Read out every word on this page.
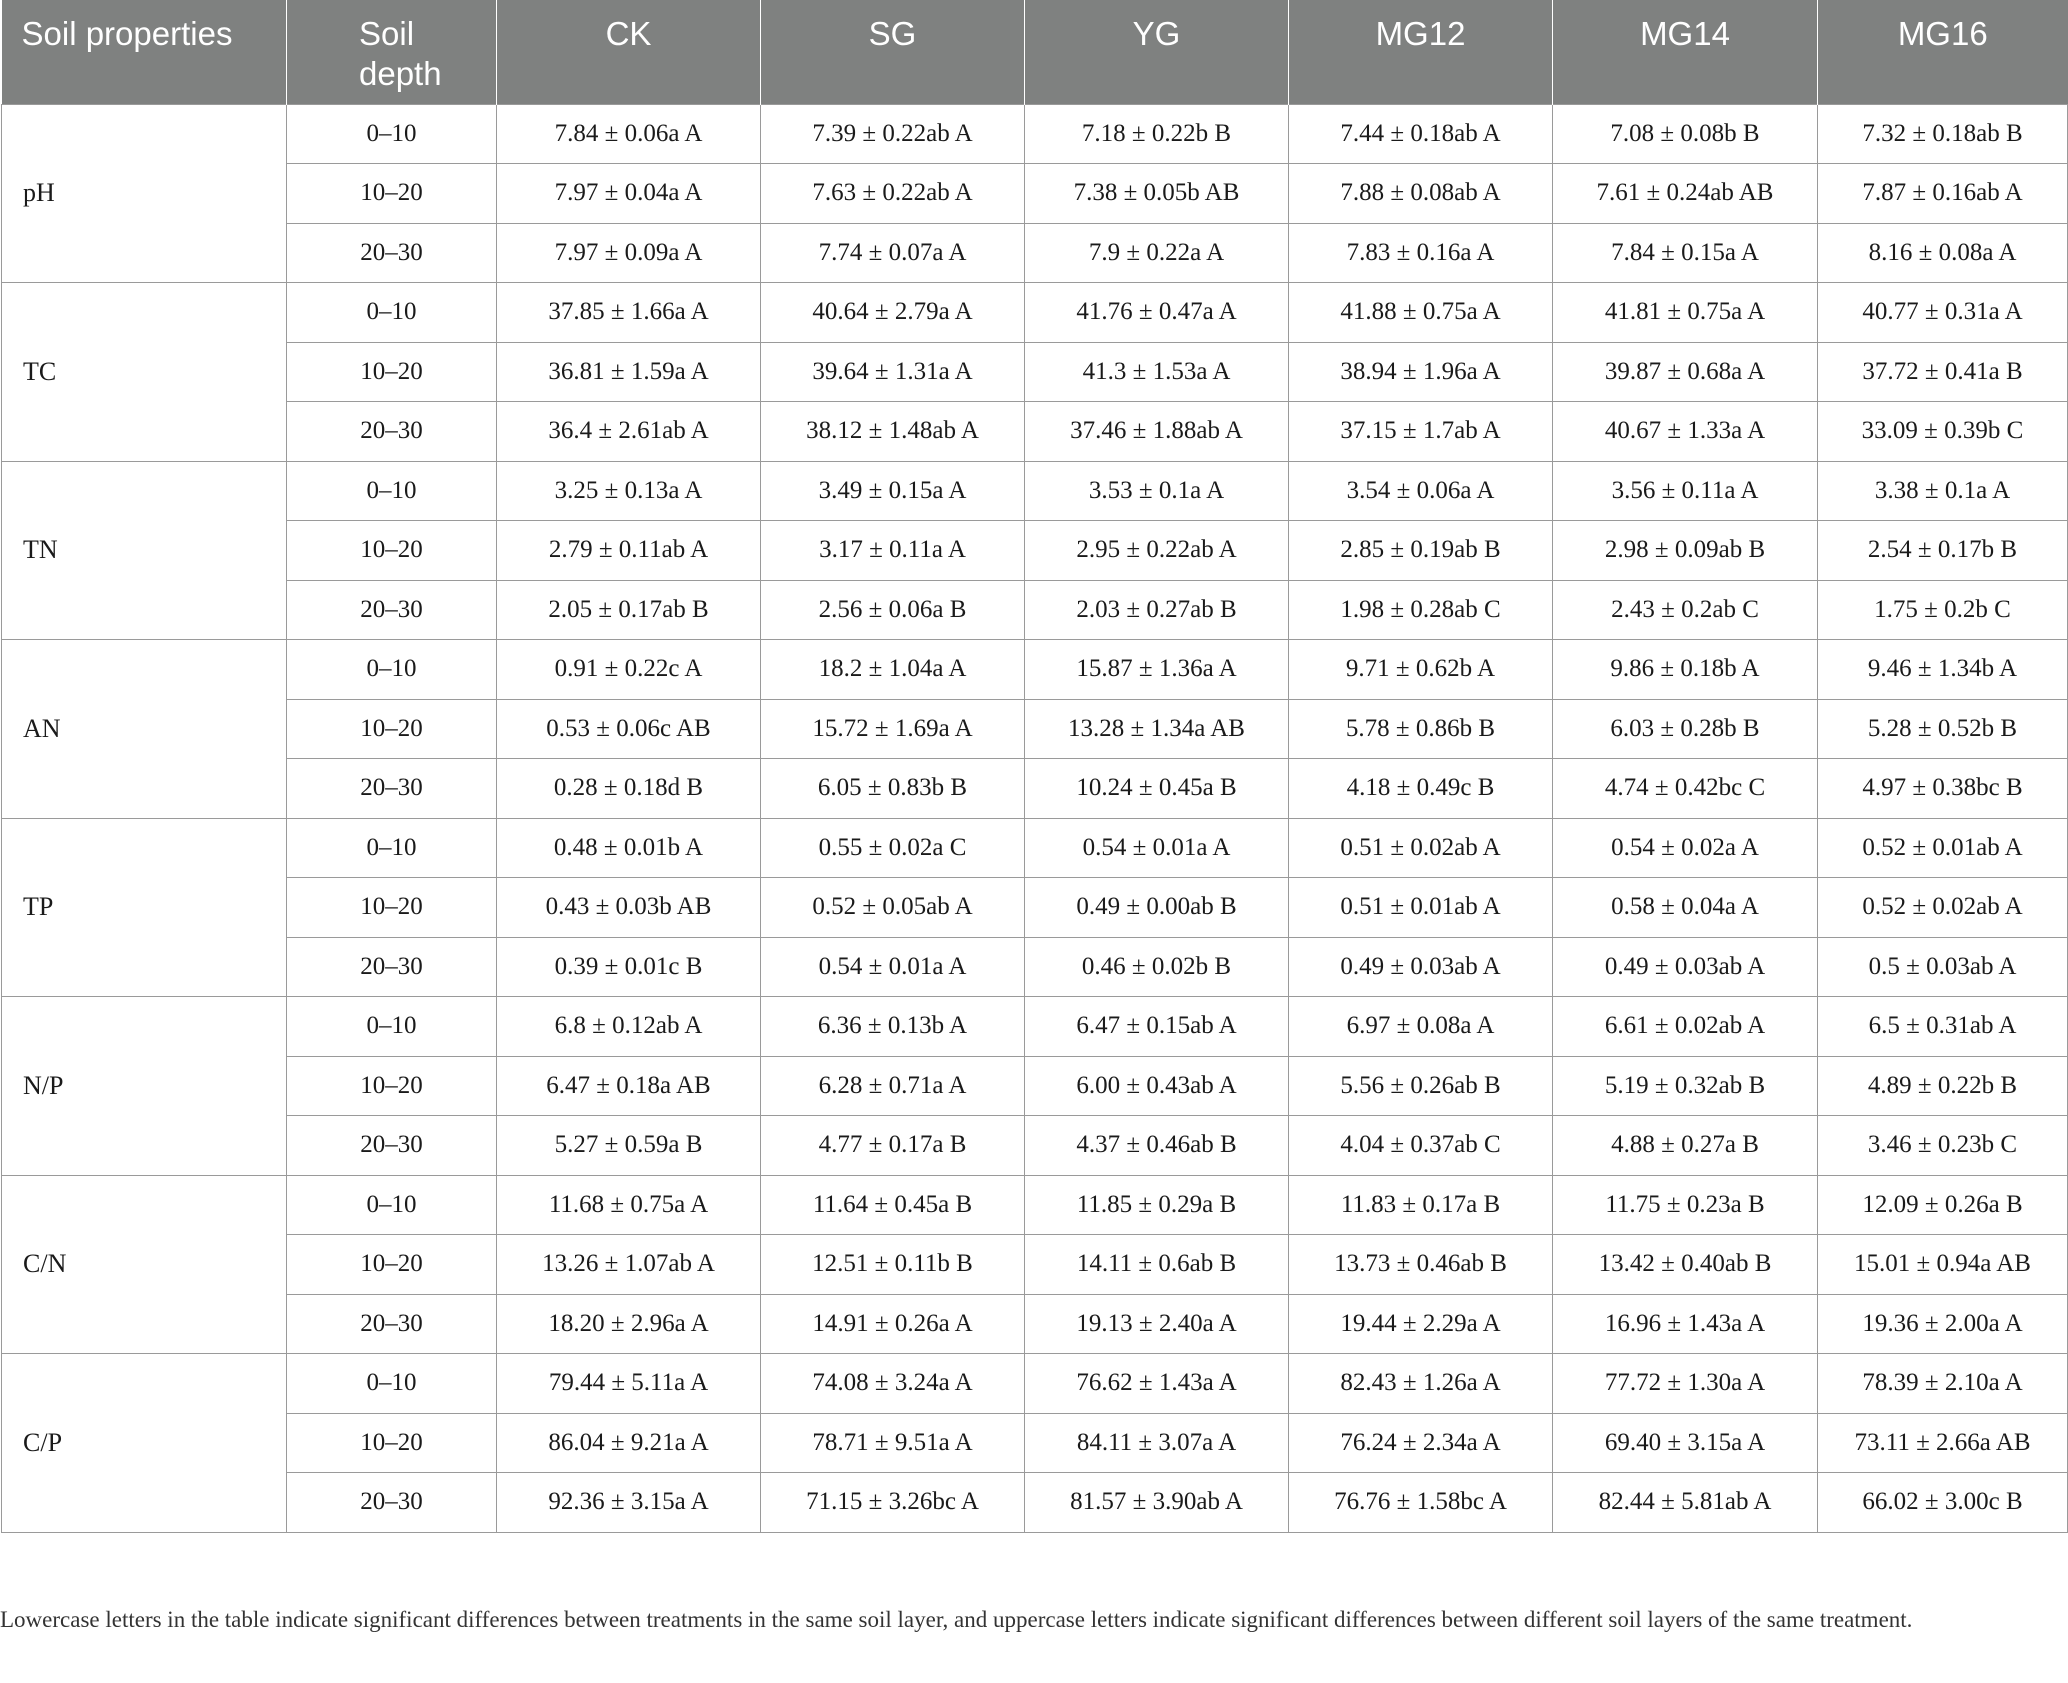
Soil properties	Soil depth	CK	SG	YG	MG12	MG14	MG16
pH	0–10	7.84 ± 0.06a A	7.39 ± 0.22ab A	7.18 ± 0.22b B	7.44 ± 0.18ab A	7.08 ± 0.08b B	7.32 ± 0.18ab B
	10–20	7.97 ± 0.04a A	7.63 ± 0.22ab A	7.38 ± 0.05b AB	7.88 ± 0.08ab A	7.61 ± 0.24ab AB	7.87 ± 0.16ab A
	20–30	7.97 ± 0.09a A	7.74 ± 0.07a A	7.9 ± 0.22a A	7.83 ± 0.16a A	7.84 ± 0.15a A	8.16 ± 0.08a A
TC	0–10	37.85 ± 1.66a A	40.64 ± 2.79a A	41.76 ± 0.47a A	41.88 ± 0.75a A	41.81 ± 0.75a A	40.77 ± 0.31a A
	10–20	36.81 ± 1.59a A	39.64 ± 1.31a A	41.3 ± 1.53a A	38.94 ± 1.96a A	39.87 ± 0.68a A	37.72 ± 0.41a B
	20–30	36.4 ± 2.61ab A	38.12 ± 1.48ab A	37.46 ± 1.88ab A	37.15 ± 1.7ab A	40.67 ± 1.33a A	33.09 ± 0.39b C
TN	0–10	3.25 ± 0.13a A	3.49 ± 0.15a A	3.53 ± 0.1a A	3.54 ± 0.06a A	3.56 ± 0.11a A	3.38 ± 0.1a A
	10–20	2.79 ± 0.11ab A	3.17 ± 0.11a A	2.95 ± 0.22ab A	2.85 ± 0.19ab B	2.98 ± 0.09ab B	2.54 ± 0.17b B
	20–30	2.05 ± 0.17ab B	2.56 ± 0.06a B	2.03 ± 0.27ab B	1.98 ± 0.28ab C	2.43 ± 0.2ab C	1.75 ± 0.2b C
AN	0–10	0.91 ± 0.22c A	18.2 ± 1.04a A	15.87 ± 1.36a A	9.71 ± 0.62b A	9.86 ± 0.18b A	9.46 ± 1.34b A
	10–20	0.53 ± 0.06c AB	15.72 ± 1.69a A	13.28 ± 1.34a AB	5.78 ± 0.86b B	6.03 ± 0.28b B	5.28 ± 0.52b B
	20–30	0.28 ± 0.18d B	6.05 ± 0.83b B	10.24 ± 0.45a B	4.18 ± 0.49c B	4.74 ± 0.42bc C	4.97 ± 0.38bc B
TP	0–10	0.48 ± 0.01b A	0.55 ± 0.02a C	0.54 ± 0.01a A	0.51 ± 0.02ab A	0.54 ± 0.02a A	0.52 ± 0.01ab A
	10–20	0.43 ± 0.03b AB	0.52 ± 0.05ab A	0.49 ± 0.00ab B	0.51 ± 0.01ab A	0.58 ± 0.04a A	0.52 ± 0.02ab A
	20–30	0.39 ± 0.01c B	0.54 ± 0.01a A	0.46 ± 0.02b B	0.49 ± 0.03ab A	0.49 ± 0.03ab A	0.5 ± 0.03ab A
N/P	0–10	6.8 ± 0.12ab A	6.36 ± 0.13b A	6.47 ± 0.15ab A	6.97 ± 0.08a A	6.61 ± 0.02ab A	6.5 ± 0.31ab A
	10–20	6.47 ± 0.18a AB	6.28 ± 0.71a A	6.00 ± 0.43ab A	5.56 ± 0.26ab B	5.19 ± 0.32ab B	4.89 ± 0.22b B
	20–30	5.27 ± 0.59a B	4.77 ± 0.17a B	4.37 ± 0.46ab B	4.04 ± 0.37ab C	4.88 ± 0.27a B	3.46 ± 0.23b C
C/N	0–10	11.68 ± 0.75a A	11.64 ± 0.45a B	11.85 ± 0.29a B	11.83 ± 0.17a B	11.75 ± 0.23a B	12.09 ± 0.26a B
	10–20	13.26 ± 1.07ab A	12.51 ± 0.11b B	14.11 ± 0.6ab B	13.73 ± 0.46ab B	13.42 ± 0.40ab B	15.01 ± 0.94a AB
	20–30	18.20 ± 2.96a A	14.91 ± 0.26a A	19.13 ± 2.40a A	19.44 ± 2.29a A	16.96 ± 1.43a A	19.36 ± 2.00a A
C/P	0–10	79.44 ± 5.11a A	74.08 ± 3.24a A	76.62 ± 1.43a A	82.43 ± 1.26a A	77.72 ± 1.30a A	78.39 ± 2.10a A
	10–20	86.04 ± 9.21a A	78.71 ± 9.51a A	84.11 ± 3.07a A	76.24 ± 2.34a A	69.40 ± 3.15a A	73.11 ± 2.66a AB
	20–30	92.36 ± 3.15a A	71.15 ± 3.26bc A	81.57 ± 3.90ab A	76.76 ± 1.58bc A	82.44 ± 5.81ab A	66.02 ± 3.00c B
Lowercase letters in the table indicate significant differences between treatments in the same soil layer, and uppercase letters indicate significant differences between different soil layers of the same treatment.
